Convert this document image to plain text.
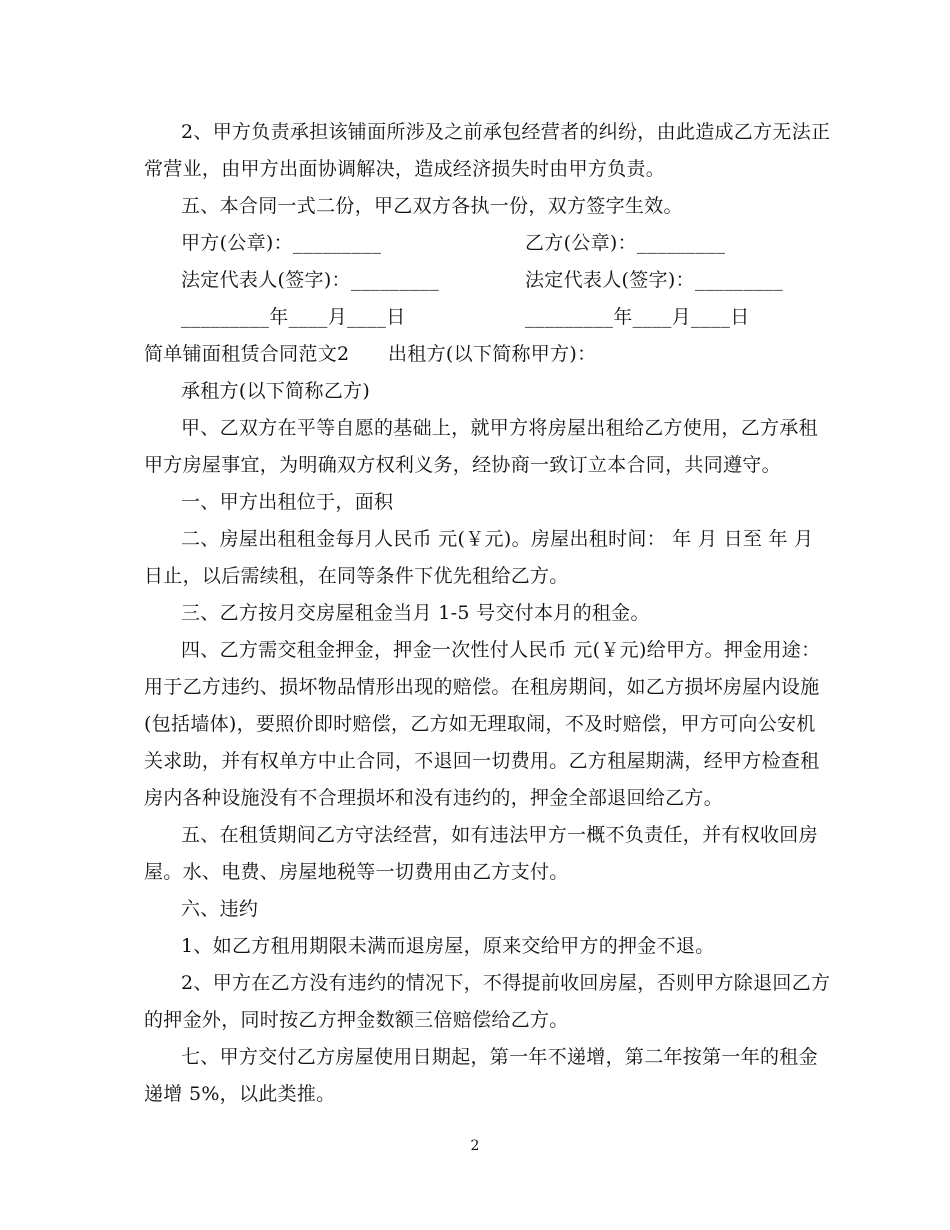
2、甲方负责承担该铺面所涉及之前承包经营者的纠纷，由此造成乙方无法正
常营业，由甲方出面协调解决，造成经济损失时由甲方负责。
五、本合同一式二份，甲乙双方各执一份，双方签字生效。
甲方(公章)：_________	乙方(公章)：_________
法定代表人(签字)：_________	法定代表人(签字)：_________
_________年____月____日	_________年____月____日
简单铺面租赁合同范文2　　出租方(以下简称甲方)：
承租方(以下简称乙方)
甲、乙双方在平等自愿的基础上，就甲方将房屋出租给乙方使用，乙方承租
甲方房屋事宜，为明确双方权利义务，经协商一致订立本合同，共同遵守。
一、甲方出租位于，面积
二、房屋出租租金每月人民币 元(￥元)。房屋出租时间： 年 月 日至 年 月
日止，以后需续租，在同等条件下优先租给乙方。
三、乙方按月交房屋租金当月 1-5 号交付本月的租金。
四、乙方需交租金押金，押金一次性付人民币 元(￥元)给甲方。押金用途：
用于乙方违约、损坏物品情形出现的赔偿。在租房期间，如乙方损坏房屋内设施
(包括墙体)，要照价即时赔偿，乙方如无理取闹，不及时赔偿，甲方可向公安机
关求助，并有权单方中止合同，不退回一切费用。乙方租屋期满，经甲方检查租
房内各种设施没有不合理损坏和没有违约的，押金全部退回给乙方。
五、在租赁期间乙方守法经营，如有违法甲方一概不负责任，并有权收回房
屋。水、电费、房屋地税等一切费用由乙方支付。
六、违约
1、如乙方租用期限未满而退房屋，原来交给甲方的押金不退。
2、甲方在乙方没有违约的情况下，不得提前收回房屋，否则甲方除退回乙方
的押金外，同时按乙方押金数额三倍赔偿给乙方。
七、甲方交付乙方房屋使用日期起，第一年不递增，第二年按第一年的租金
递增 5%，以此类推。
2
